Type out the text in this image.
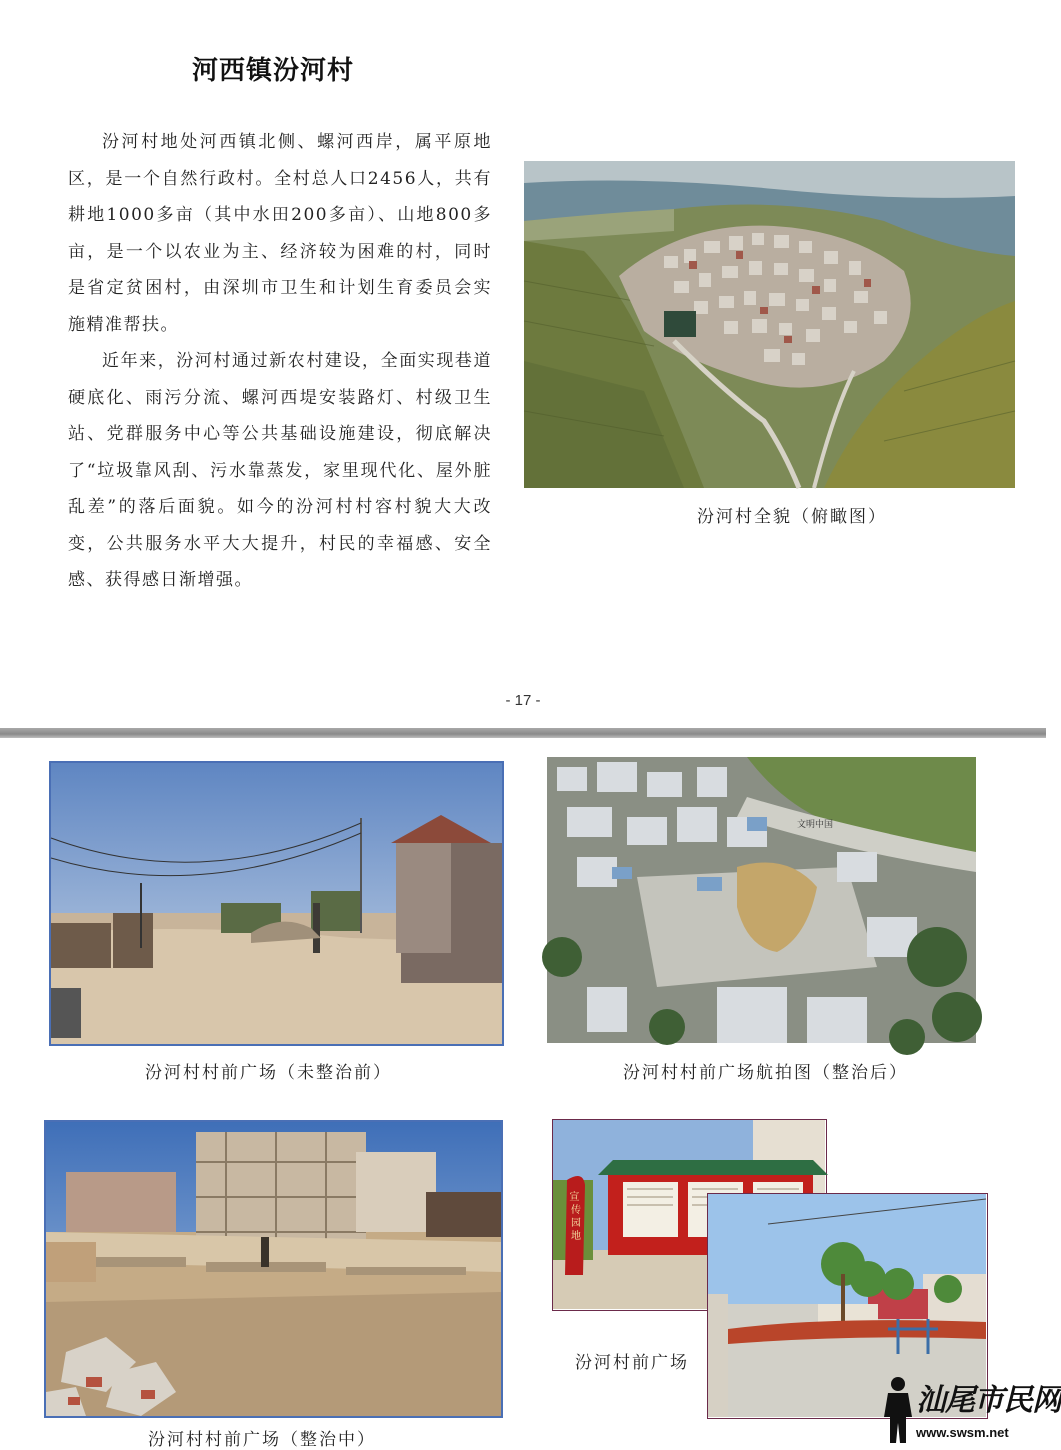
河西镇汾河村

汾河村地处河西镇北侧、螺河西岸，属平原地区，是一个自然行政村。全村总人口2456人，共有耕地1000多亩（其中水田200多亩）、山地800多亩，是一个以农业为主、经济较为困难的村，同时是省定贫困村，由深圳市卫生和计划生育委员会实施精准帮扶。

近年来，汾河村通过新农村建设，全面实现巷道硬底化、雨污分流、螺河西堤安装路灯、村级卫生站、党群服务中心等公共基础设施建设，彻底解决了“垃圾靠风刮、污水靠蒸发，家里现代化、屋外脏乱差”的落后面貌。如今的汾河村村容村貌大大改变，公共服务水平大大提升，村民的幸福感、安全感、获得感日渐增强。

汾河村全貌（俯瞰图）
- 17 -
汾河村村前广场（未整治前）
文明中国
汾河村村前广场航拍图（整治后）
汾河村村前广场（整治中）
宣 传园地
汾河村前广场
汕尾市民网
www.swsm.net
